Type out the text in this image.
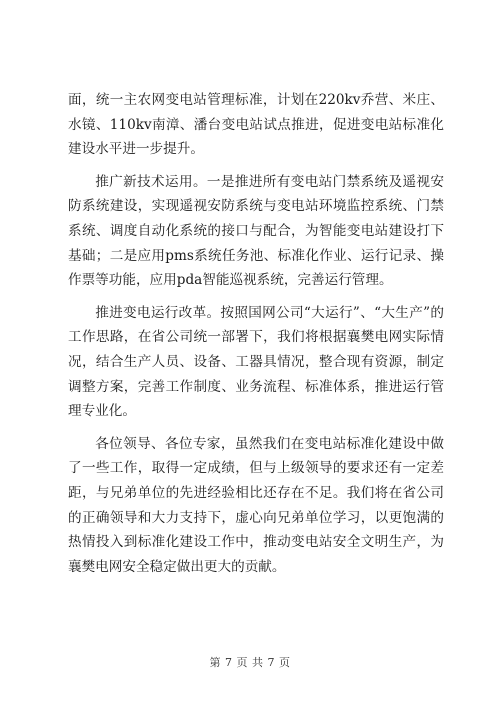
面，统一主农网变电站管理标准，计划在220kv乔营、米庄、水镜、110kv南漳、潘台变电站试点推进，促进变电站标准化建设水平进一步提升。

推广新技术运用。一是推进所有变电站门禁系统及遥视安防系统建设，实现遥视安防系统与变电站环境监控系统、门禁系统、调度自动化系统的接口与配合，为智能变电站建设打下基础；二是应用pms系统任务池、标准化作业、运行记录、操作票等功能，应用pda智能巡视系统，完善运行管理。

推进变电运行改革。按照国网公司“大运行”、“大生产”的工作思路，在省公司统一部署下，我们将根据襄樊电网实际情况，结合生产人员、设备、工器具情况，整合现有资源，制定调整方案，完善工作制度、业务流程、标准体系，推进运行管理专业化。

各位领导、各位专家，虽然我们在变电站标准化建设中做了一些工作，取得一定成绩，但与上级领导的要求还有一定差距，与兄弟单位的先进经验相比还存在不足。我们将在省公司的正确领导和大力支持下，虚心向兄弟单位学习，以更饱满的热情投入到标准化建设工作中，推动变电站安全文明生产，为襄樊电网安全稳定做出更大的贡献。

第 7 页 共 7 页
